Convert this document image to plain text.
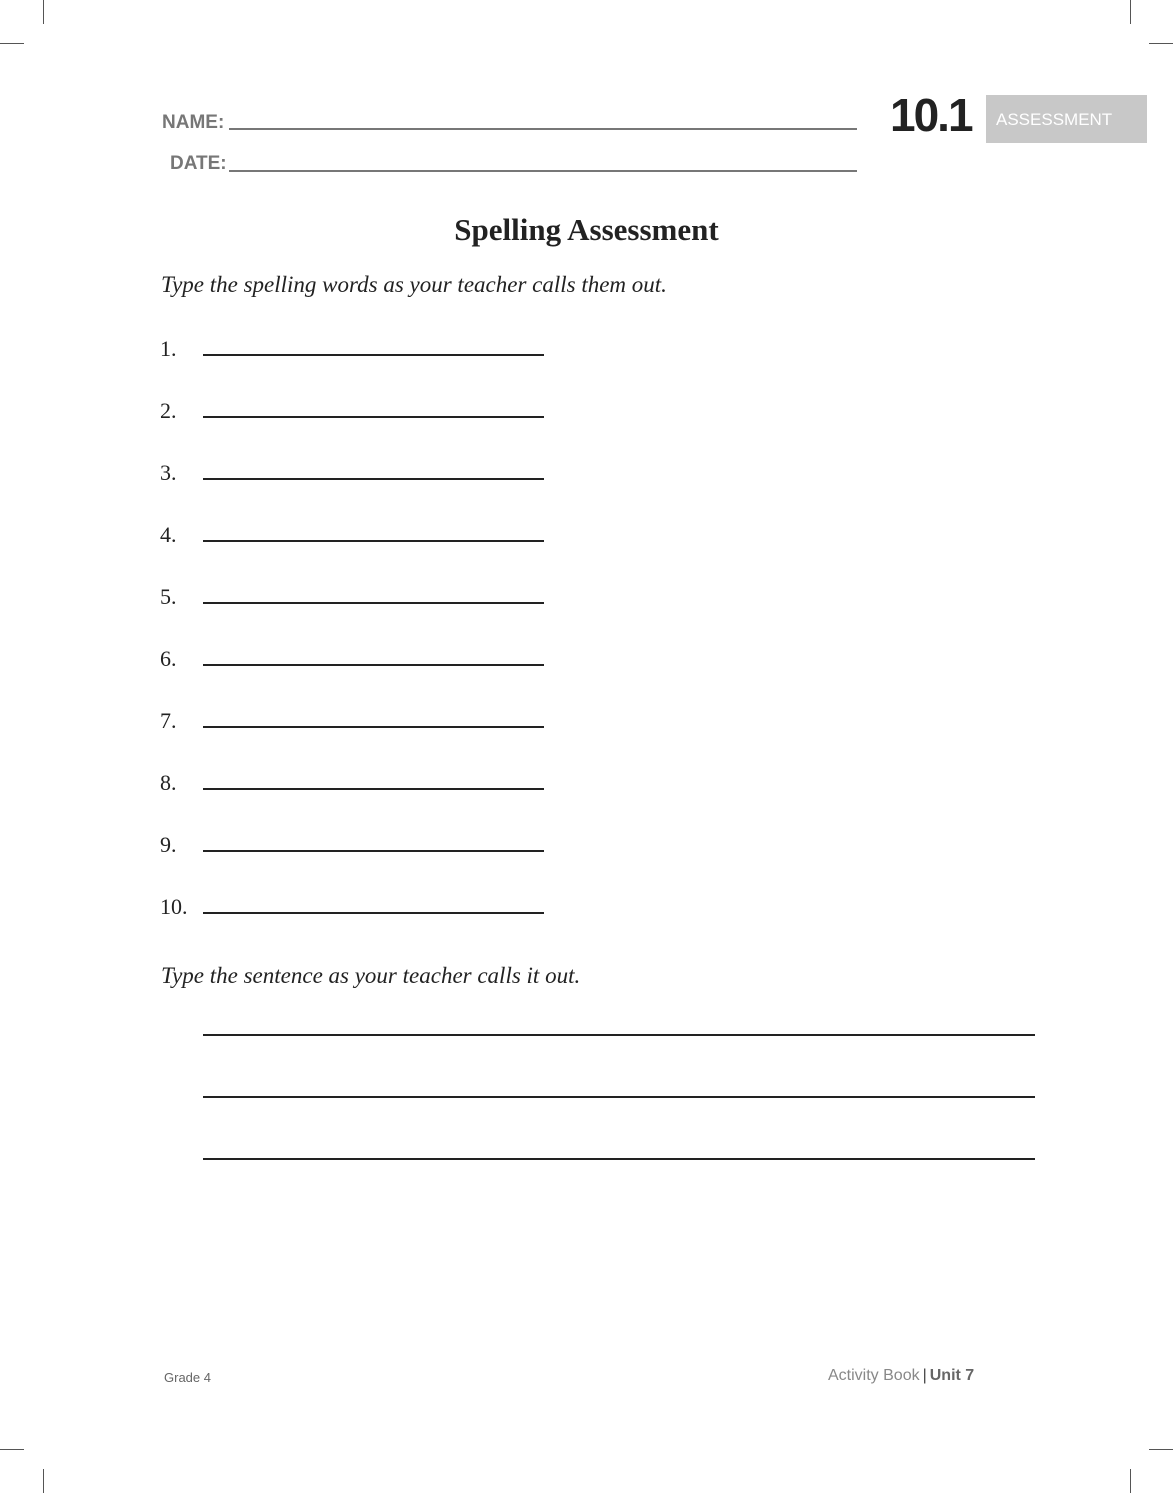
NAME:
DATE:
10.1 ASSESSMENT
Spelling Assessment
Type the spelling words as your teacher calls them out.
1.
2.
3.
4.
5.
6.
7.
8.
9.
10.
Type the sentence as your teacher calls it out.
Grade 4	Activity Book | Unit 7
